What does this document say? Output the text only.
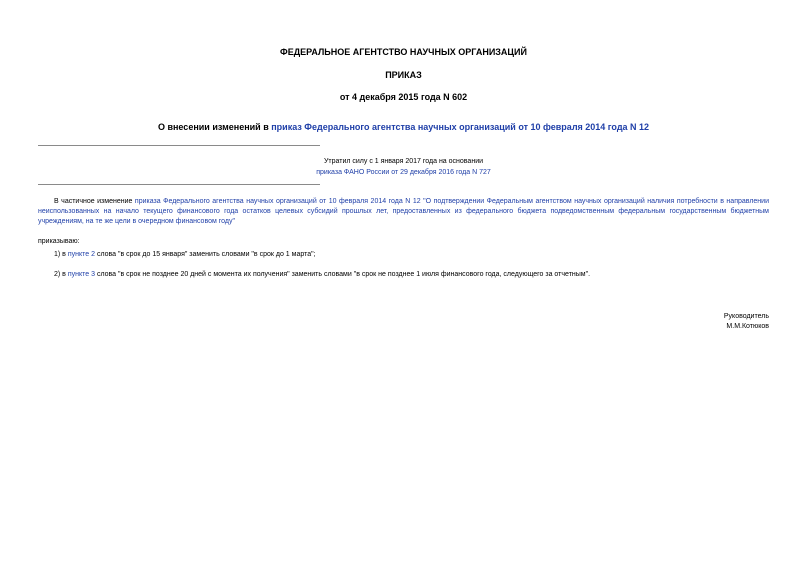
ФЕДЕРАЛЬНОЕ АГЕНТСТВО НАУЧНЫХ ОРГАНИЗАЦИЙ
ПРИКАЗ
от 4 декабря 2015 года N 602
О внесении изменений в приказ Федерального агентства научных организаций от 10 февраля 2014 года N 12
Утратил силу с 1 января 2017 года на основании
приказа ФАНО России от 29 декабря 2016 года N 727
В частичное изменение приказа Федерального агентства научных организаций от 10 февраля 2014 года N 12 "О подтверждении Федеральным агентством научных организаций наличия потребности в направлении неиспользованных на начало текущего финансового года остатков целевых субсидий прошлых лет, предоставленных из федерального бюджета подведомственным федеральным государственным бюджетным учреждениям, на те же цели в очередном финансовом году"
приказываю:
1) в пункте 2 слова "в срок до 15 января" заменить словами "в срок до 1 марта";
2) в пункте 3 слова "в срок не позднее 20 дней с момента их получения" заменить словами "в срок не позднее 1 июля финансового года, следующего за отчетным".
Руководитель
М.М.Котюков
